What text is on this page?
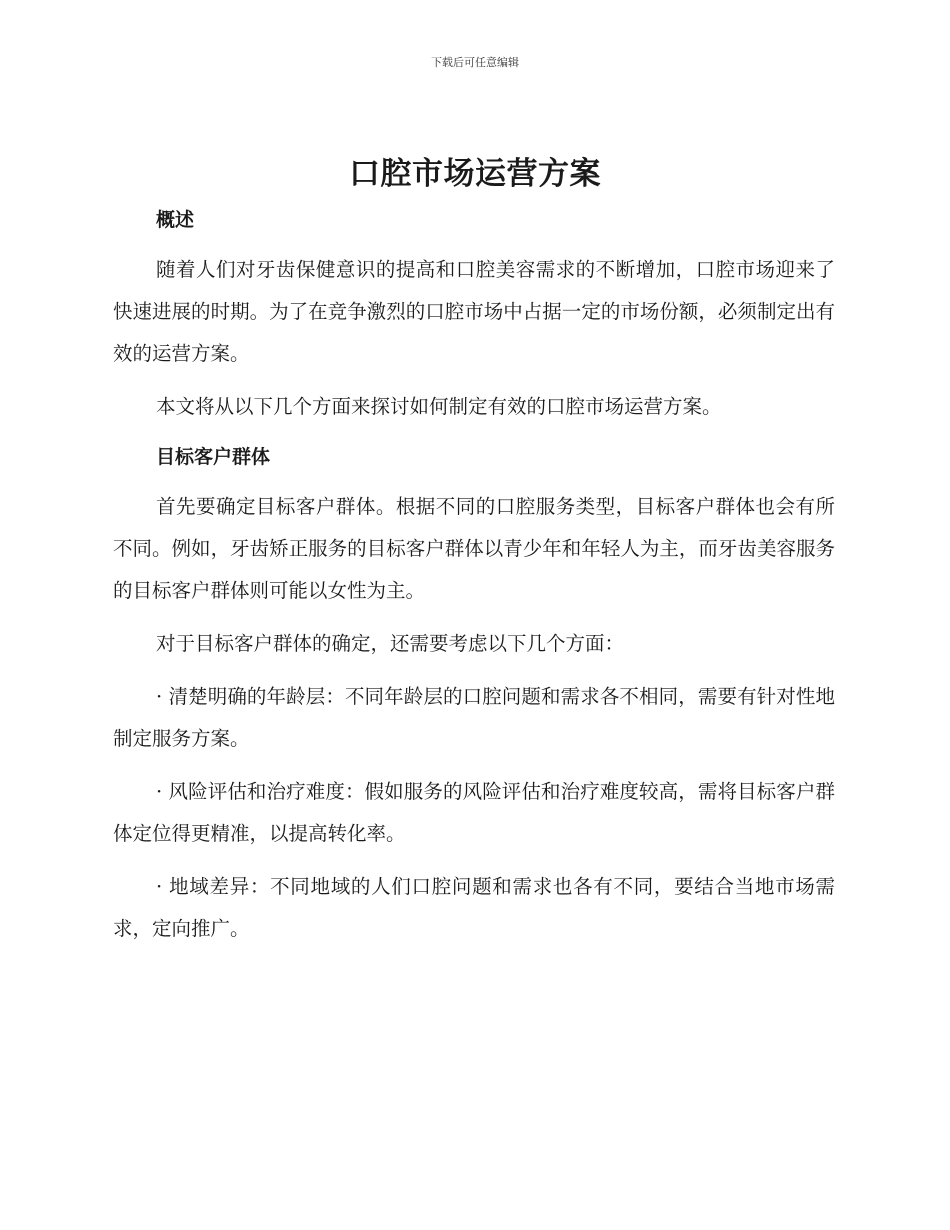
下载后可任意编辑
口腔市场运营方案
概述

随着人们对牙齿保健意识的提高和口腔美容需求的不断增加，口腔市场迎来了快速进展的时期。为了在竞争激烈的口腔市场中占据一定的市场份额，必须制定出有效的运营方案。

本文将从以下几个方面来探讨如何制定有效的口腔市场运营方案。

目标客户群体

首先要确定目标客户群体。根据不同的口腔服务类型，目标客户群体也会有所不同。例如，牙齿矫正服务的目标客户群体以青少年和年轻人为主，而牙齿美容服务的目标客户群体则可能以女性为主。

对于目标客户群体的确定，还需要考虑以下几个方面：

· 清楚明确的年龄层：不同年龄层的口腔问题和需求各不相同，需要有针对性地制定服务方案。

· 风险评估和治疗难度：假如服务的风险评估和治疗难度较高，需将目标客户群体定位得更精准，以提高转化率。

· 地域差异：不同地域的人们口腔问题和需求也各有不同，要结合当地市场需求，定向推广。
